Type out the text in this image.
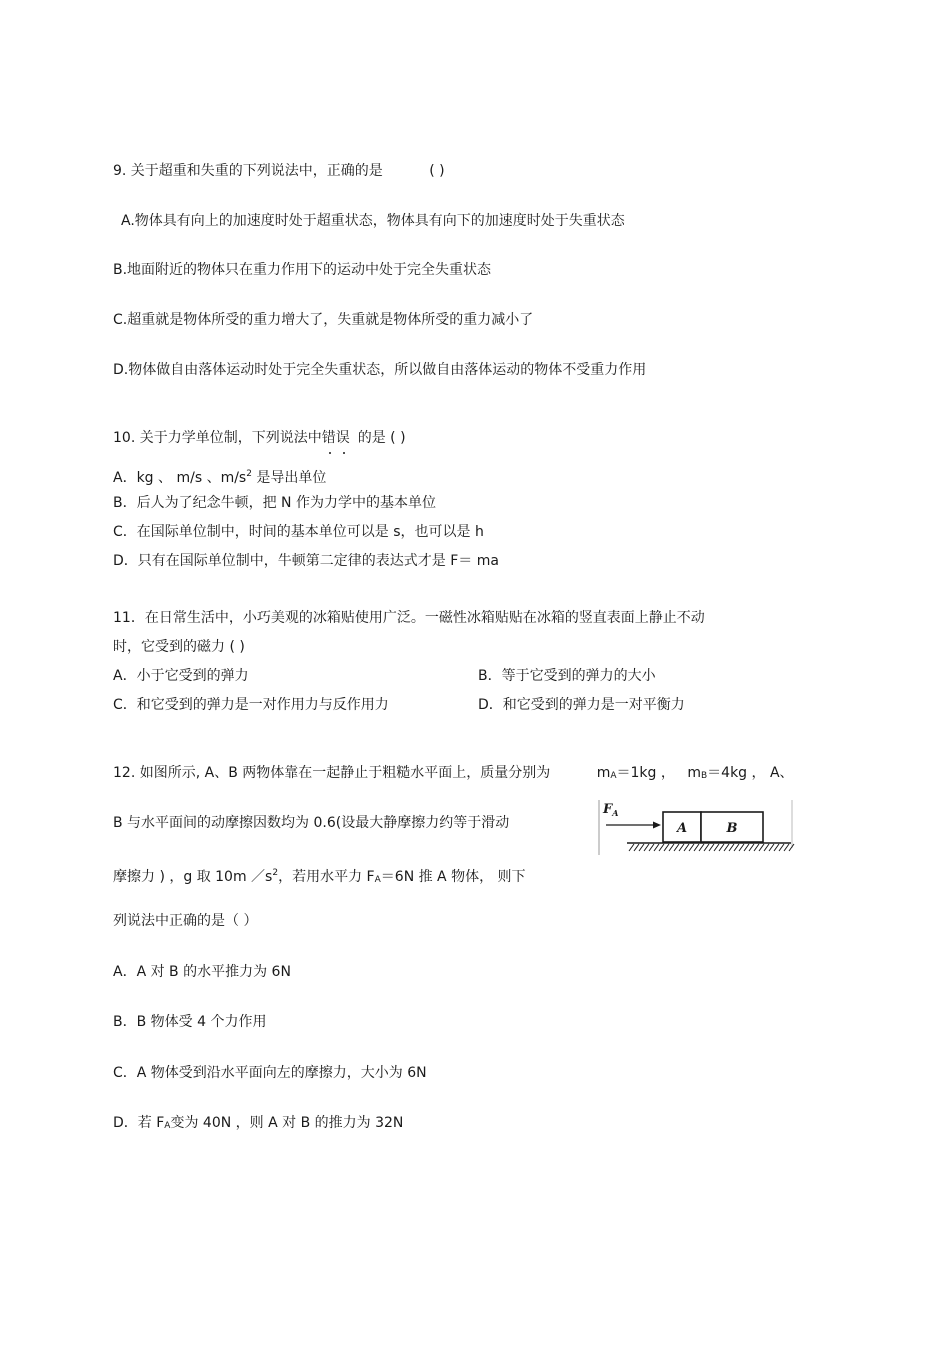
9. 关于超重和失重的下列说法中，正确的是	( )
A.物体具有向上的加速度时处于超重状态，物体具有向下的加速度时处于失重状态
B.地面附近的物体只在重力作用下的运动中处于完全失重状态
C.超重就是物体所受的重力增大了，失重就是物体所受的重力减小了
D.物体做自由落体运动时处于完全失重状态，所以做自由落体运动的物体不受重力作用
10. 关于力学单位制，下列说法中错误 的是 ( )
A．kg 、 m/s 、$m/s^2$ 是导出单位
B．后人为了纪念牛顿，把 N 作为力学中的基本单位
C．在国际单位制中，时间的基本单位可以是 s，也可以是 h
D．只有在国际单位制中，牛顿第二定律的表达式才是 F＝ ma
11．在日常生活中，小巧美观的冰箱贴使用广泛。一磁性冰箱贴贴在冰箱的竖直表面上静止不动
时，它受到的磁力 ( )
A．小于它受到的弹力	B．等于它受到的弹力的大小
C．和它受到的弹力是一对作用力与反作用力	D．和它受到的弹力是一对平衡力
12. 如图所示, A、B 两物体靠在一起静止于粗糙水平面上，质量分别为	$m_A=1kg$ ， $m_B=4kg$ ， A、
B 与水平面间的动摩擦因数均为 0.6(设最大静摩擦力约等于滑动
摩擦力 ) ，g 取 10m $/s^2$，若用水平力 $F_A=6N$ 推 A 物体， 则下
列说法中正确的是（ ）
A．A 对 B 的水平推力为 6N
B．B 物体受 4 个力作用
C．A 物体受到沿水平面向左的摩擦力，大小为 6N
D．若 $F_A$变为 40N ，则 A 对 B 的推力为 32N
$F_A$
A	B
